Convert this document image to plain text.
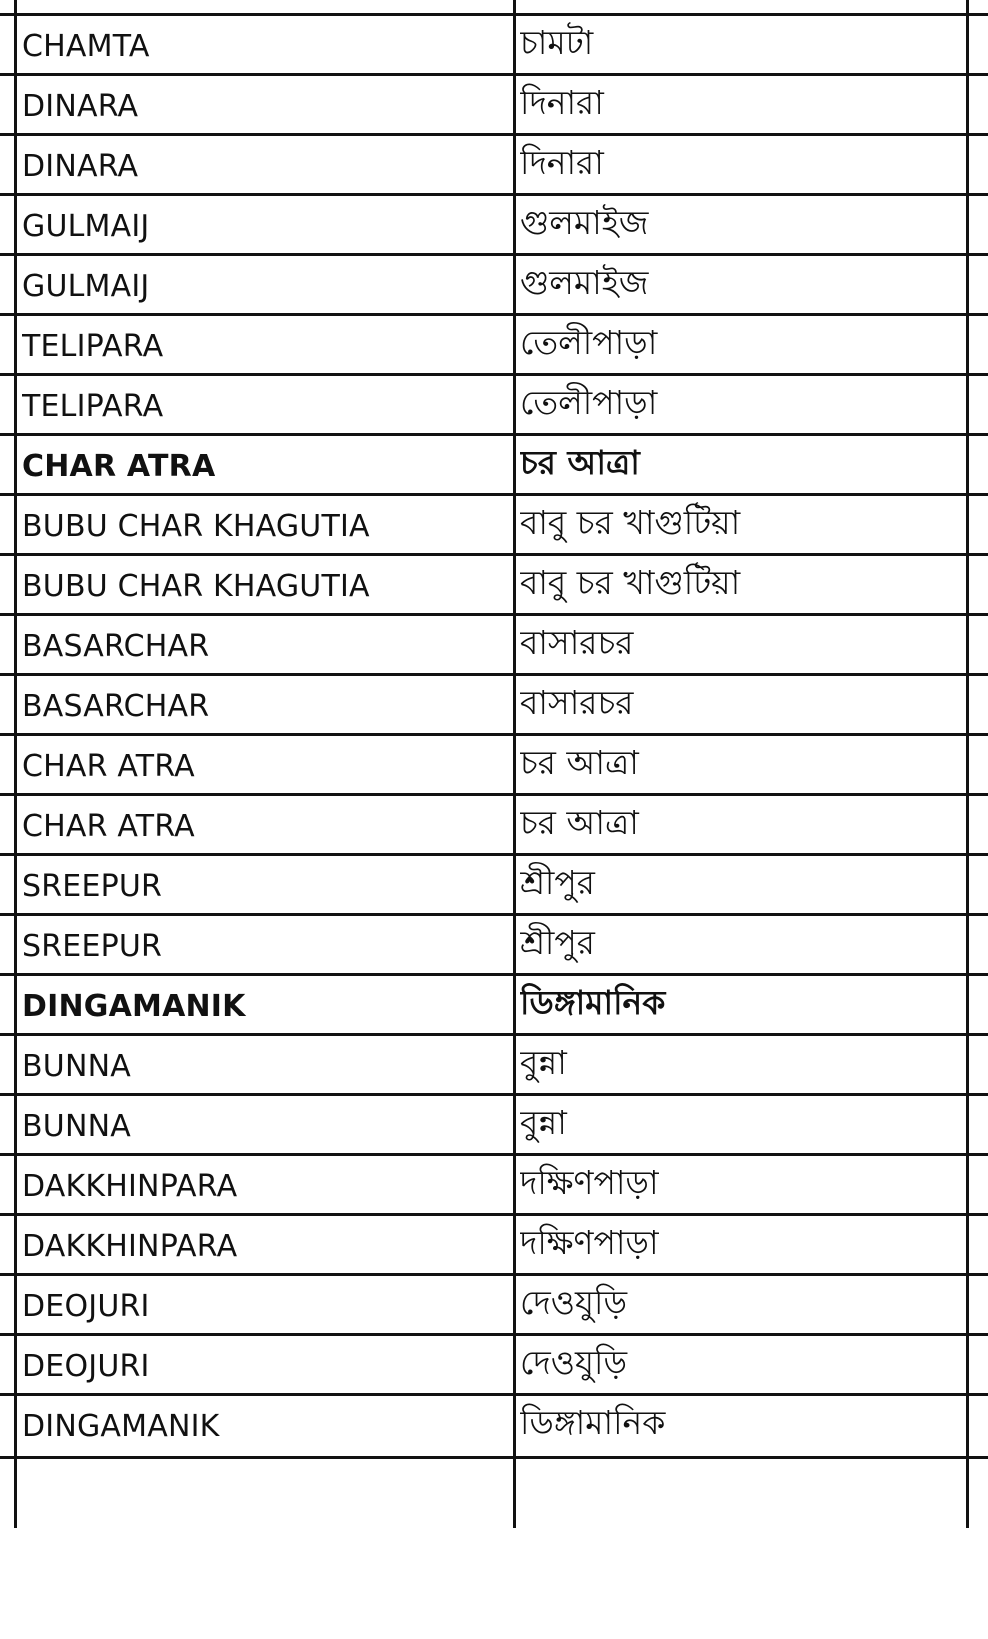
CHAMTA	চামটা
DINARA	দিনারা
DINARA	দিনারা
GULMAIJ	গুলমাইজ
GULMAIJ	গুলমাইজ
TELIPARA	তেলীপাড়া
TELIPARA	তেলীপাড়া
CHAR ATRA	চর আত্রা
BUBU CHAR KHAGUTIA	বাবু চর খাগুটিয়া
BUBU CHAR KHAGUTIA	বাবু চর খাগুটিয়া
BASARCHAR	বাসারচর
BASARCHAR	বাসারচর
CHAR ATRA	চর আত্রা
CHAR ATRA	চর আত্রা
SREEPUR	শ্রীপুর
SREEPUR	শ্রীপুর
DINGAMANIK	ডিঙ্গামানিক
BUNNA	বুন্না
BUNNA	বুন্না
DAKKHINPARA	দক্ষিণপাড়া
DAKKHINPARA	দক্ষিণপাড়া
DEOJURI	দেওযুড়ি
DEOJURI	দেওযুড়ি
DINGAMANIK	ডিঙ্গামানিক
